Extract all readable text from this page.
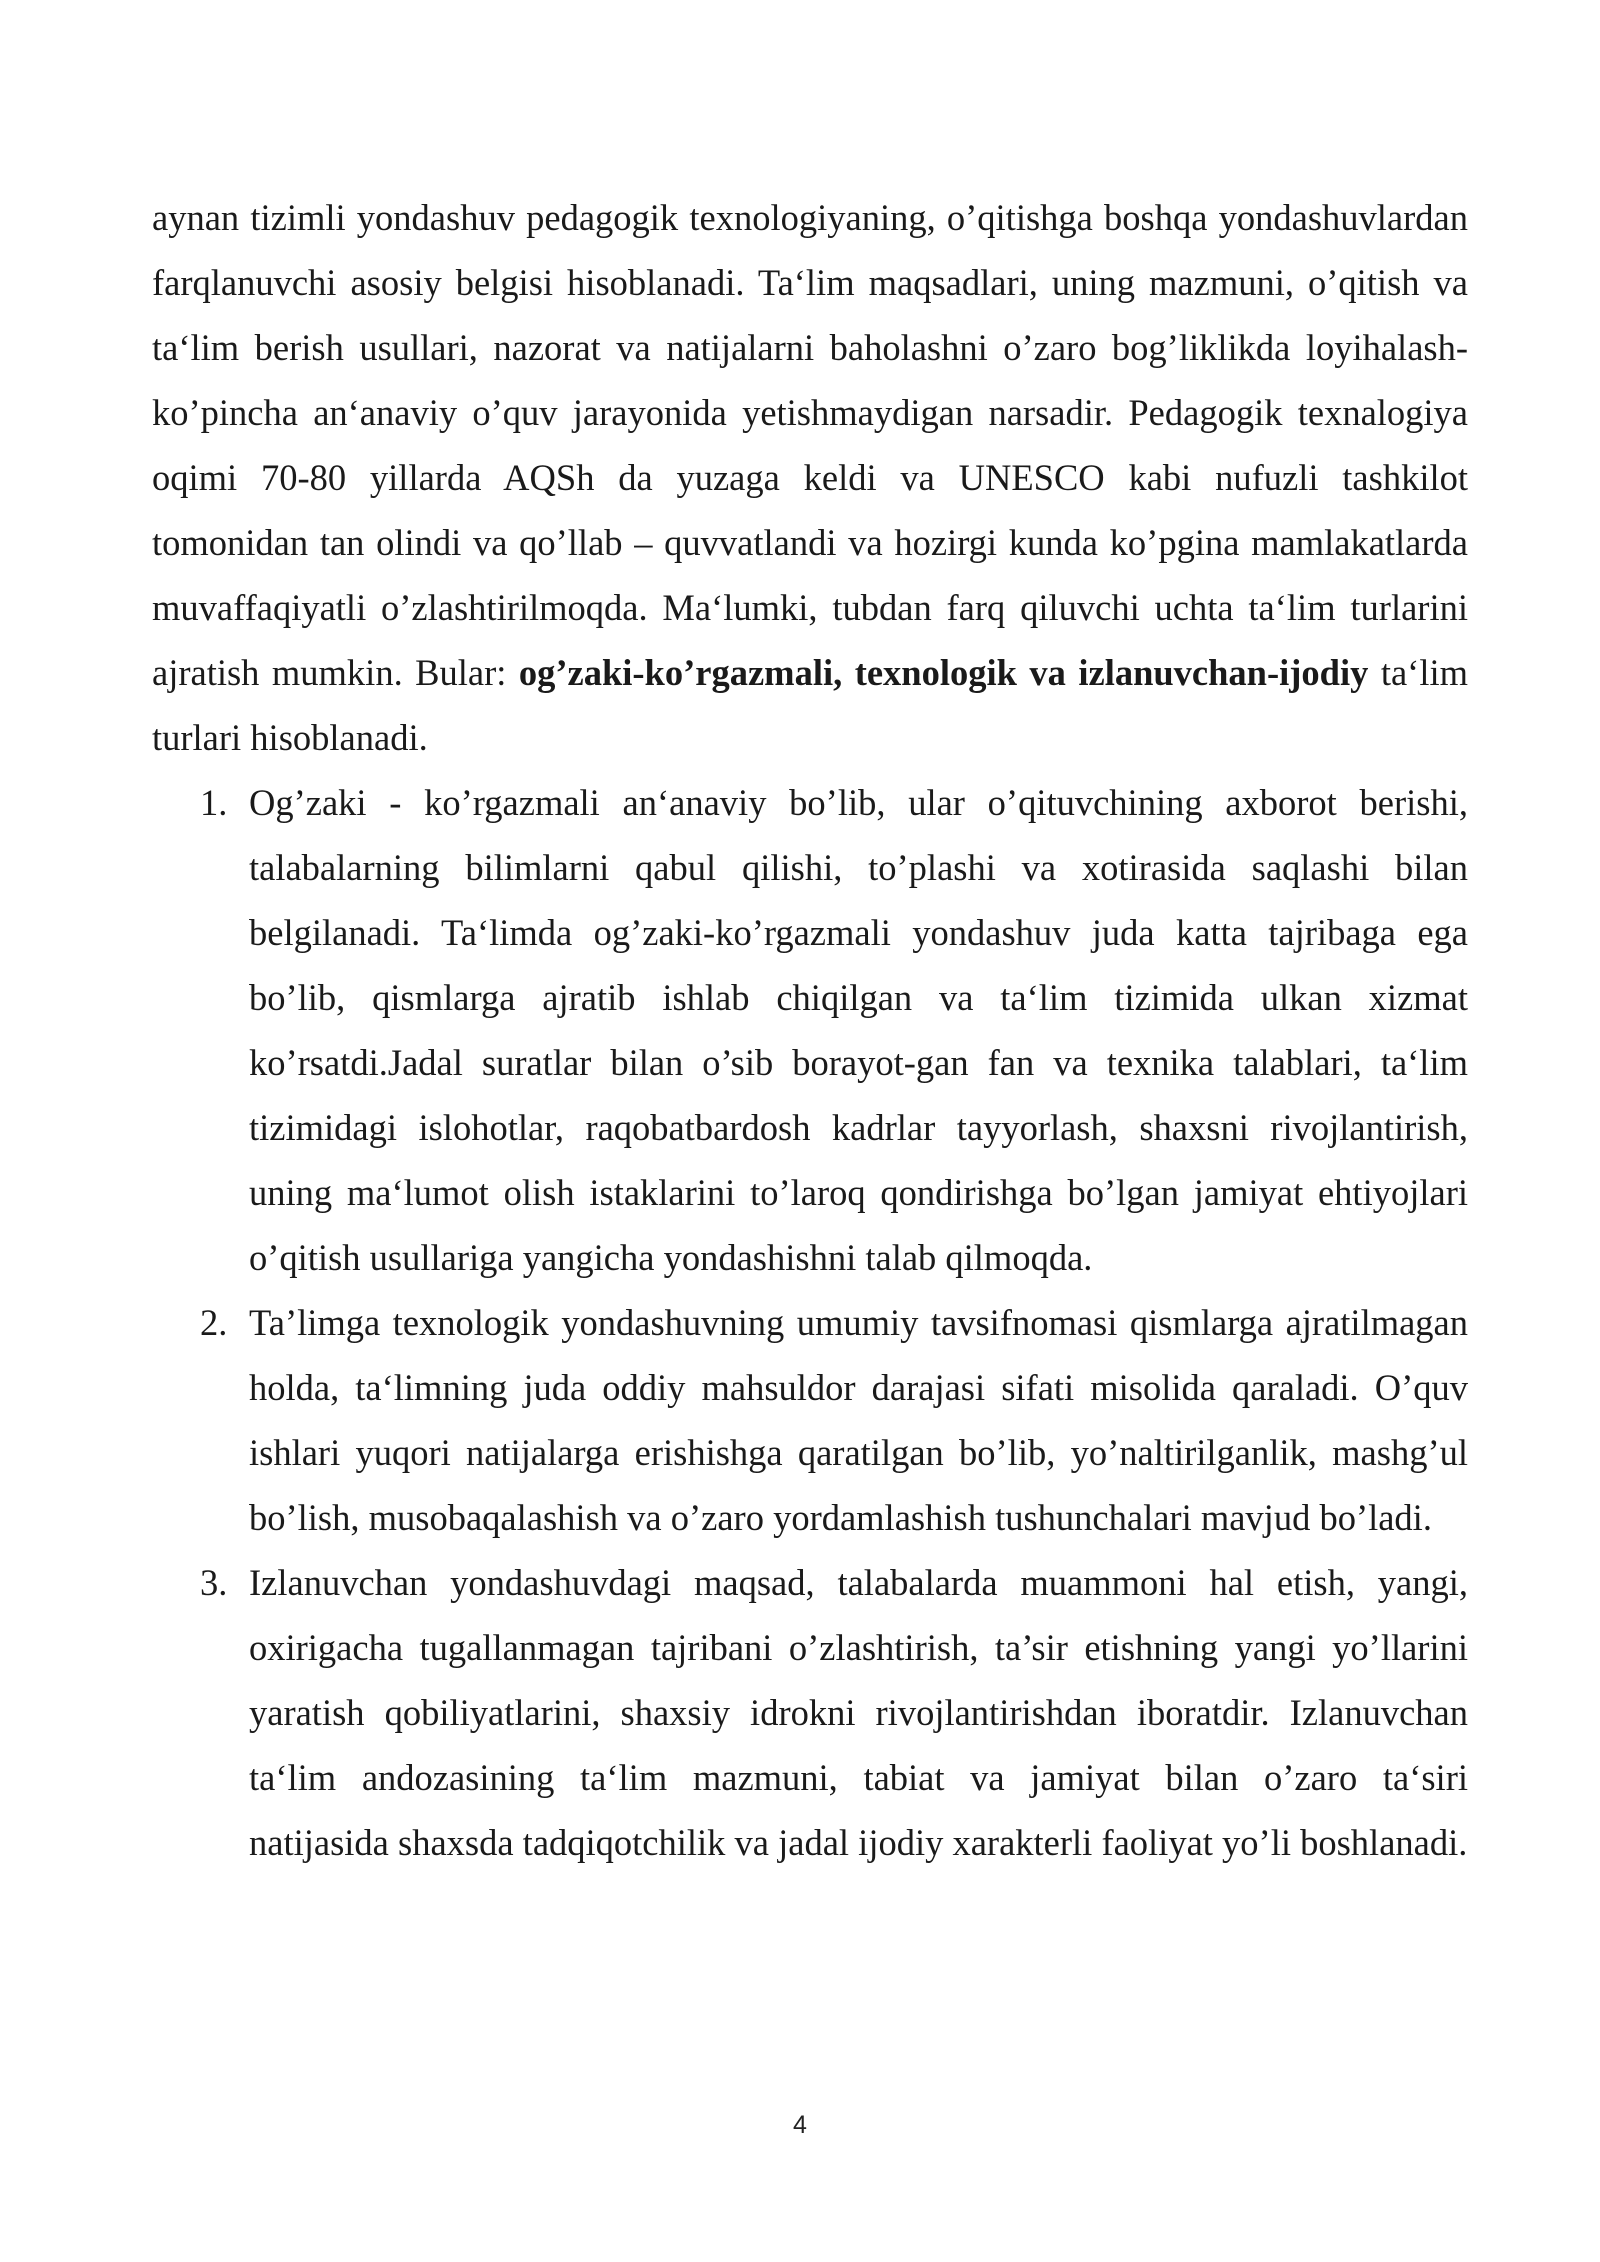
aynan tizimli yondashuv pedagogik texnologiyaning, o’qitishga boshqa yondashuvlardan farqlanuvchi asosiy belgisi hisoblanadi. Ta‘lim maqsadlari, uning mazmuni, o’qitish va ta‘lim berish usullari, nazorat va natijalarni baholashni o’zaro bog’liklikda loyihalash- ko’pincha an‘anaviy o’quv jarayonida yetishmaydigan narsadir. Pedagogik texnalogiya oqimi 70-80 yillarda AQSh da yuzaga keldi va UNESCO kabi nufuzli tashkilot tomonidan tan olindi va qo’llab – quvvatlandi va hozirgi kunda ko’pgina mamlakatlarda muvaffaqiyatli o’zlashtirilmoqda. Ma‘lumki, tubdan farq qiluvchi uchta ta‘lim turlarini ajratish mumkin. Bular: og’zaki-ko’rgazmali, texnologik va izlanuvchan-ijodiy ta‘lim turlari hisoblanadi.

1. Og’zaki - ko’rgazmali an‘anaviy bo’lib, ular o’qituvchining axborot berishi, talabalarning bilimlarni qabul qilishi, to’plashi va xotirasida saqlashi bilan belgilanadi. Ta‘limda og’zaki-ko’rgazmali yondashuv juda katta tajribaga ega bo’lib, qismlarga ajratib ishlab chiqilgan va ta‘lim tizimida ulkan xizmat ko’rsatdi.Jadal suratlar bilan o’sib borayot-gan fan va texnika talablari, ta‘lim tizimidagi islohotlar, raqobatbardosh kadrlar tayyorlash, shaxsni rivojlantirish, uning ma‘lumot olish istaklarini to’laroq qondirishga bo’lgan jamiyat ehtiyojlari o’qitish usullariga yangicha yondashishni talab qilmoqda.
2. Ta’limga texnologik yondashuvning umumiy tavsifnomasi qismlarga ajratilmagan holda, ta‘limning juda oddiy mahsuldor darajasi sifati misolida qaraladi. O’quv ishlari yuqori natijalarga erishishga qaratilgan bo’lib, yo’naltirilganlik, mashg’ul bo’lish, musobaqalashish va o’zaro yordamlashish tushunchalari mavjud bo’ladi.
3. Izlanuvchan yondashuvdagi maqsad, talabalarda muammoni hal etish, yangi, oxirigacha tugallanmagan tajribani o’zlashtirish, ta’sir etishning yangi yo’llarini yaratish qobiliyatlarini, shaxsiy idrokni rivojlantirishdan iboratdir. Izlanuvchan ta‘lim andozasining ta‘lim mazmuni, tabiat va jamiyat bilan o’zaro ta‘siri natijasida shaxsda tadqiqotchilik va jadal ijodiy xarakterli faoliyat yo’li boshlanadi.
4
